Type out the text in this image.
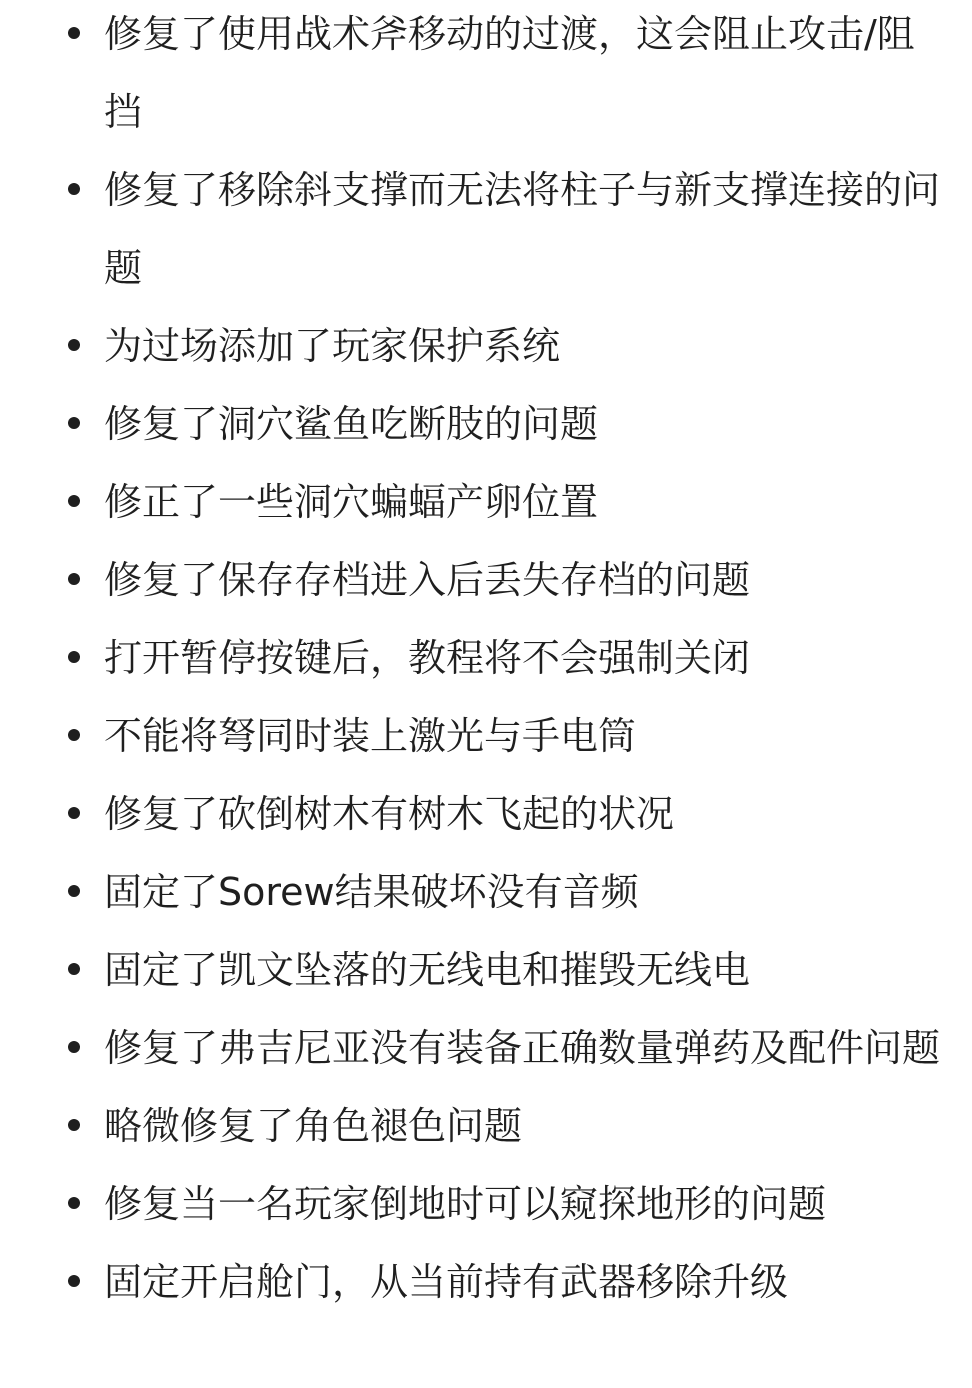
修复了使用战术斧移动的过渡，这会阻止攻击/阻挡
修复了移除斜支撑而无法将柱子与新支撑连接的问题
为过场添加了玩家保护系统
修复了洞穴鲨鱼吃断肢的问题
修正了一些洞穴蝙蝠产卵位置
修复了保存存档进入后丢失存档的问题
打开暂停按键后，教程将不会强制关闭
不能将弩同时装上激光与手电筒
修复了砍倒树木有树木飞起的状况
固定了Sorew结果破坏没有音频
固定了凯文坠落的无线电和摧毁无线电
修复了弗吉尼亚没有装备正确数量弹药及配件问题
略微修复了角色褪色问题
修复当一名玩家倒地时可以窥探地形的问题
固定开启舱门，从当前持有武器移除升级
